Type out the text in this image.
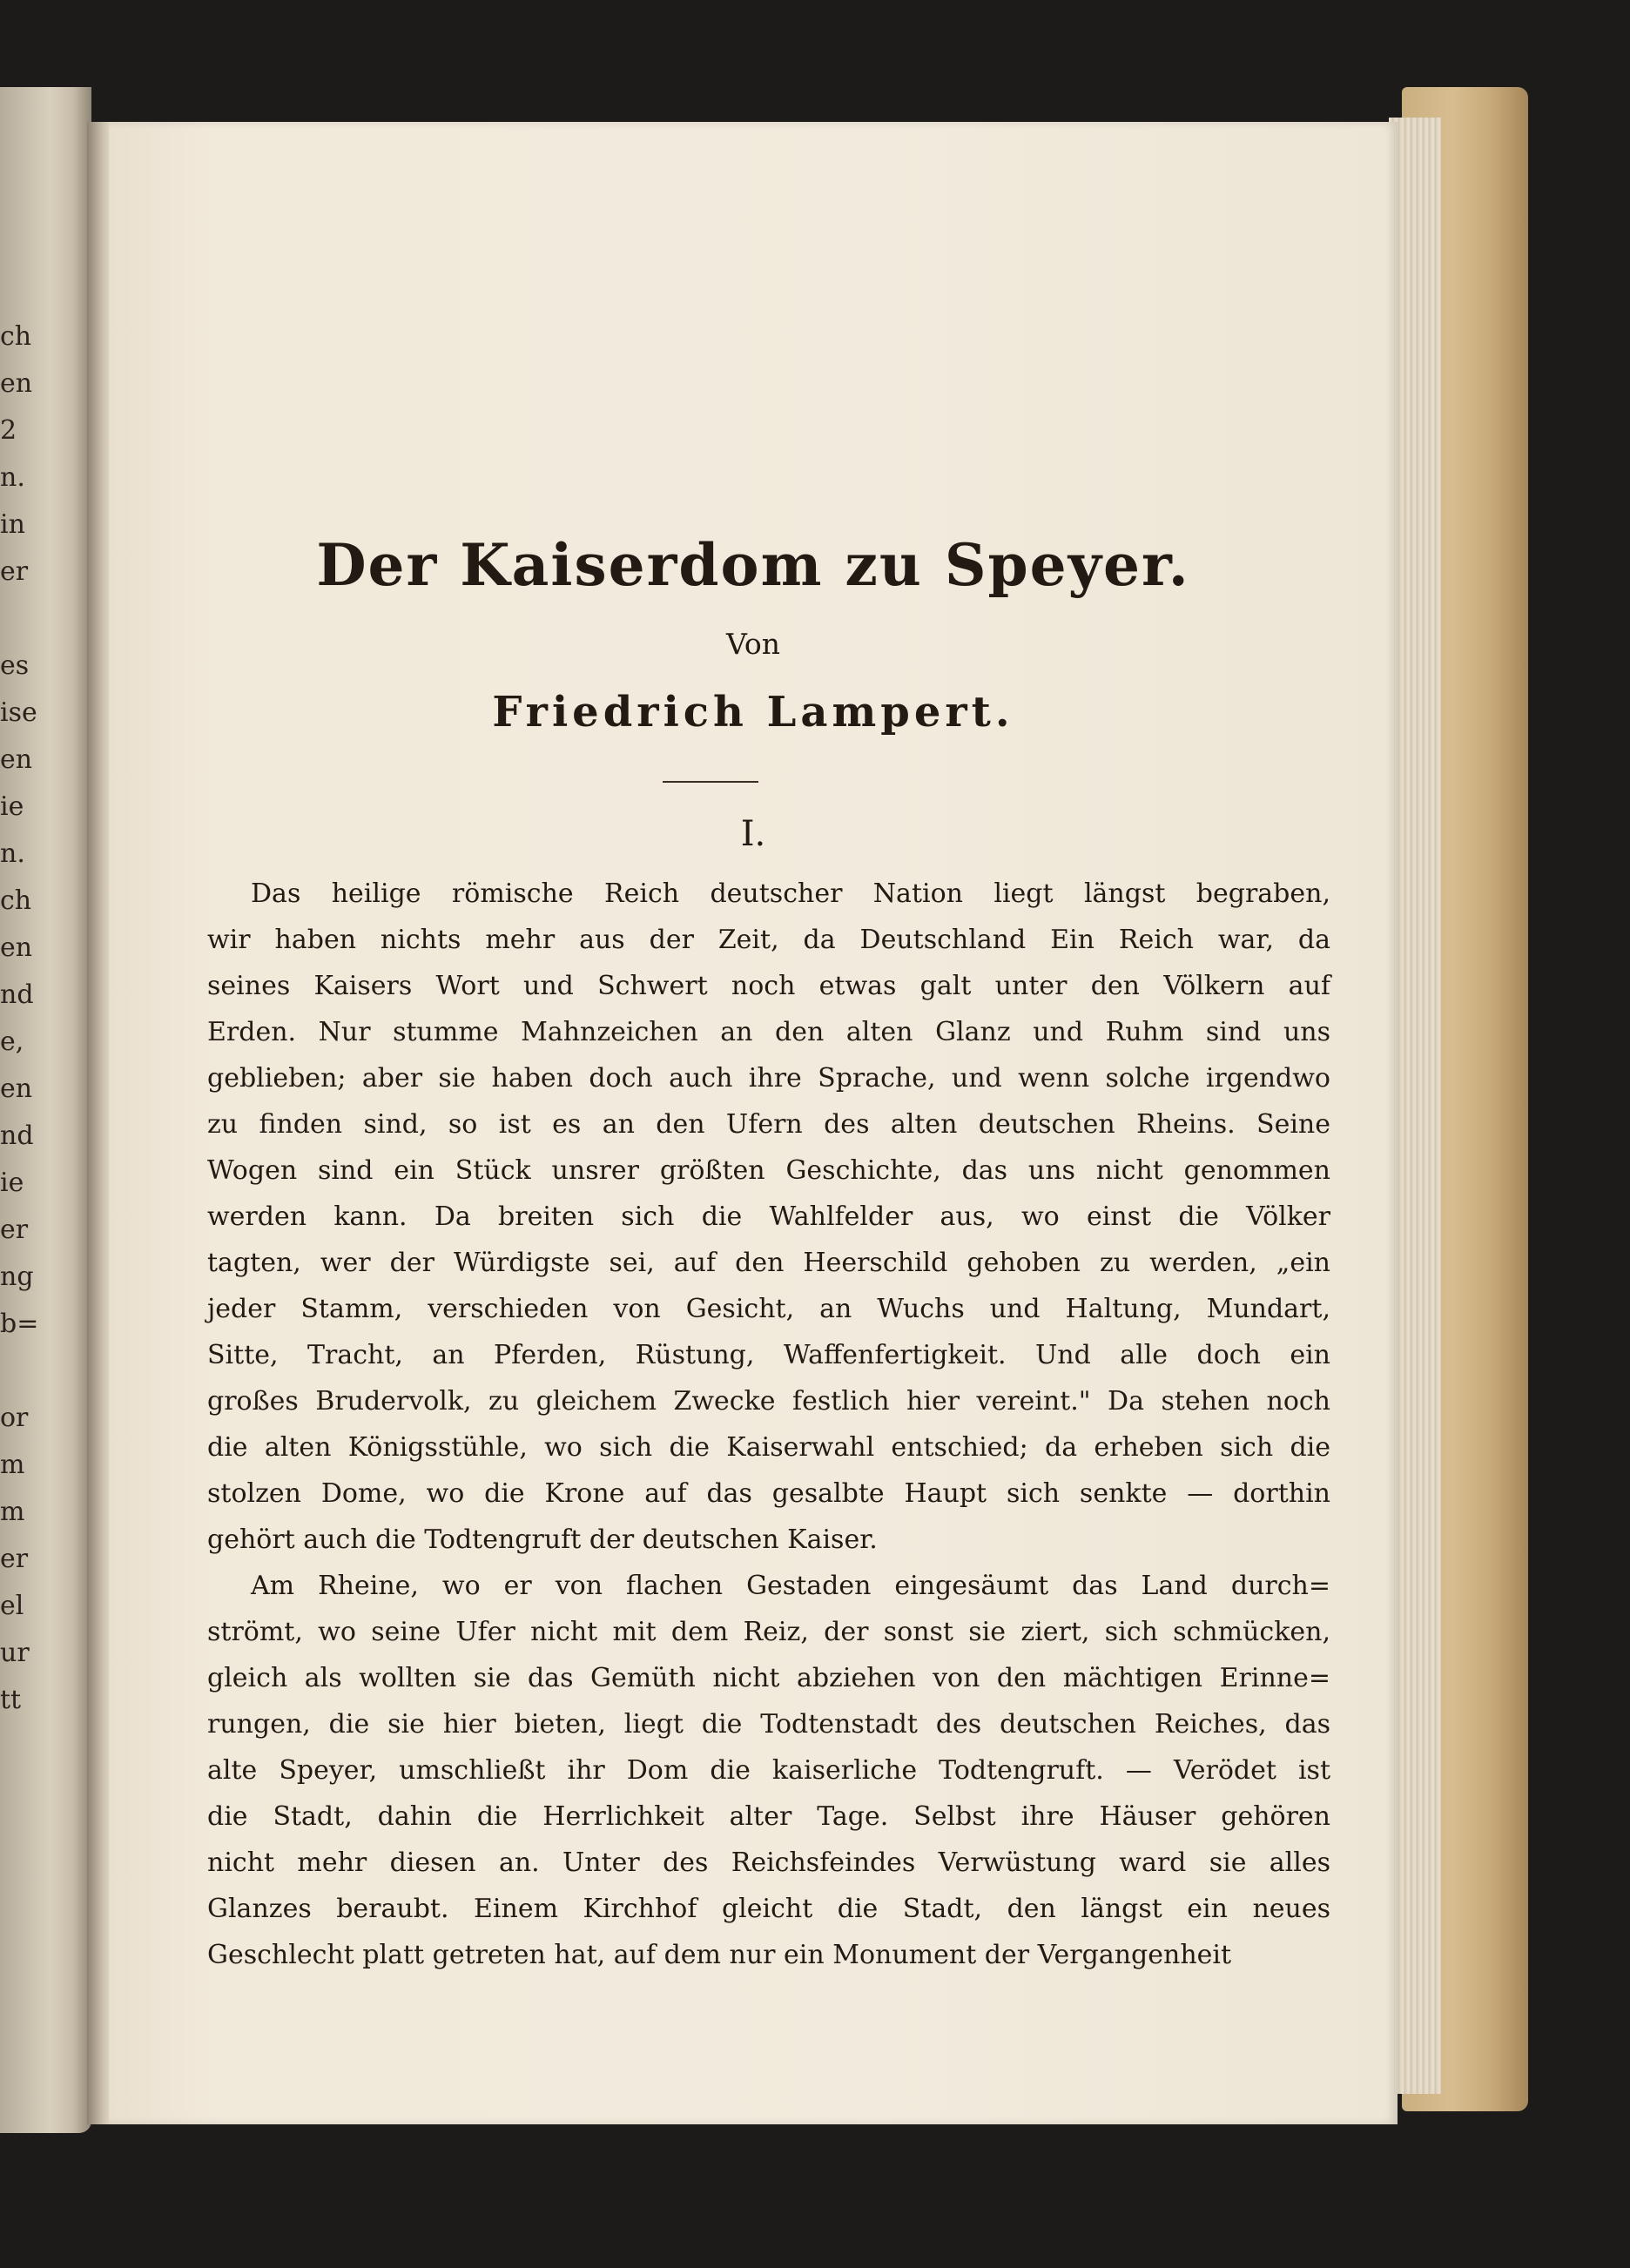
ch
en
2
n.
in
er
es
ise
en
ie
n.
ch
en
nd
e,
en
nd
ie
er
ng
b=
or
m
m
er
el
ur
tt
Der Kaiserdom zu Speyer.
Von
Friedrich Lampert.
I.
Das heilige römische Reich deutscher Nation liegt längst begraben,
wir haben nichts mehr aus der Zeit, da Deutschland Ein Reich war, da
seines Kaisers Wort und Schwert noch etwas galt unter den Völkern auf
Erden. Nur stumme Mahnzeichen an den alten Glanz und Ruhm sind uns
geblieben; aber sie haben doch auch ihre Sprache, und wenn solche irgendwo
zu finden sind, so ist es an den Ufern des alten deutschen Rheins. Seine
Wogen sind ein Stück unsrer größten Geschichte, das uns nicht genommen
werden kann. Da breiten sich die Wahlfelder aus, wo einst die Völker
tagten, wer der Würdigste sei, auf den Heerschild gehoben zu werden, „ein
jeder Stamm, verschieden von Gesicht, an Wuchs und Haltung, Mundart,
Sitte, Tracht, an Pferden, Rüstung, Waffenfertigkeit. Und alle doch ein
großes Brudervolk, zu gleichem Zwecke festlich hier vereint." Da stehen noch
die alten Königsstühle, wo sich die Kaiserwahl entschied; da erheben sich die
stolzen Dome, wo die Krone auf das gesalbte Haupt sich senkte — dorthin
gehört auch die Todtengruft der deutschen Kaiser.
Am Rheine, wo er von flachen Gestaden eingesäumt das Land durch=
strömt, wo seine Ufer nicht mit dem Reiz, der sonst sie ziert, sich schmücken,
gleich als wollten sie das Gemüth nicht abziehen von den mächtigen Erinne=
rungen, die sie hier bieten, liegt die Todtenstadt des deutschen Reiches, das
alte Speyer, umschließt ihr Dom die kaiserliche Todtengruft. — Verödet ist
die Stadt, dahin die Herrlichkeit alter Tage. Selbst ihre Häuser gehören
nicht mehr diesen an. Unter des Reichsfeindes Verwüstung ward sie alles
Glanzes beraubt. Einem Kirchhof gleicht die Stadt, den längst ein neues
Geschlecht platt getreten hat, auf dem nur ein Monument der Vergangenheit
